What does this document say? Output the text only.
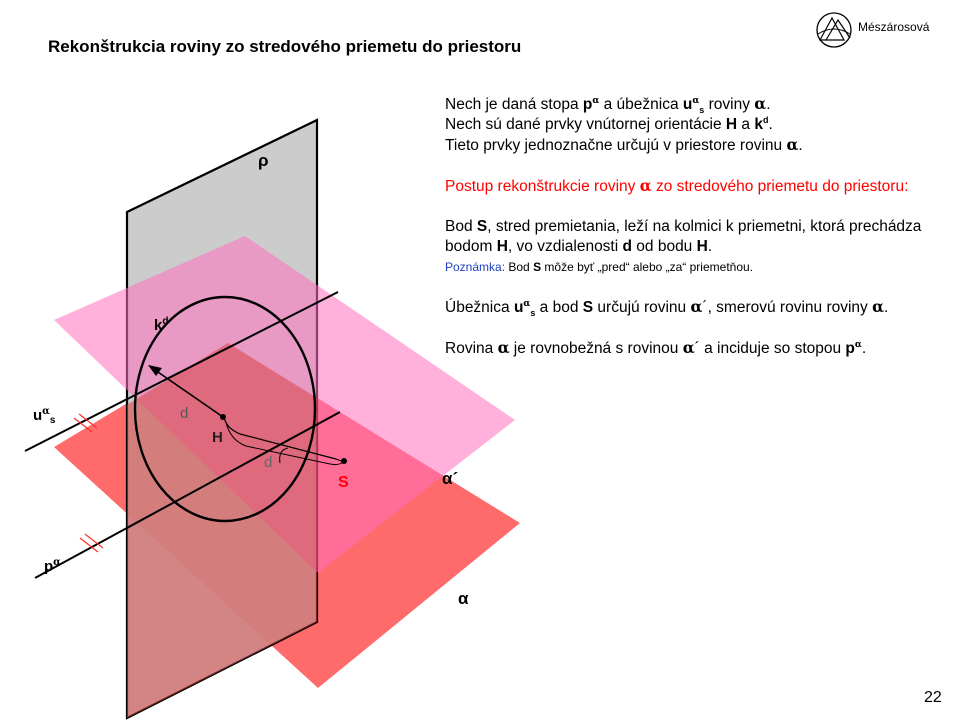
Rekonštrukcia roviny zo stredového priemetu do priestoru
Mészárosová
22
ρ
$k^d$
d
H
d
S	α´
α
$u^\alpha_s$
$p^\alpha$

Nech je daná stopa $p^\alpha$ a úbežnica $u^\alpha_s$ roviny α.

Nech sú dané prvky vnútornej orientácie H a $k^d$.

Tieto prvky jednoznačne určujú v priestore rovinu α.

Postup rekonštrukcie roviny α zo stredového priemetu do priestoru:

Bod S, stred premietania, leží na kolmici k priemetni, ktorá prechádza bodom H, vo vzdialenosti d od bodu H.

Poznámka: Bod S môže byť „pred“ alebo „za“ priemetňou.

Úbežnica $u^\alpha_s$ a bod S určujú rovinu α´, smerovú rovinu roviny α.

Rovina α je rovnobežná s rovinou α´ a inciduje so stopou $p^\alpha$.
